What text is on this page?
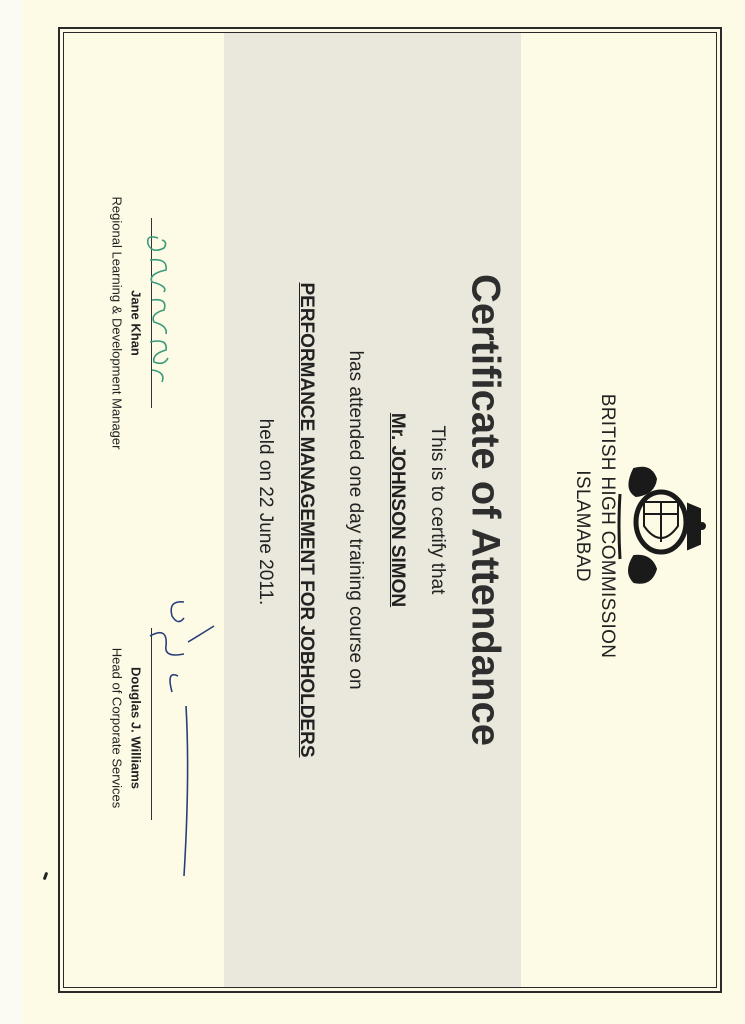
BRITISH HIGH COMMISSION
ISLAMABAD
Certificate of Attendance
This is to certify that
Mr. JOHNSON SIMON
has attended one day training course on
PERFORMANCE MANAGEMENT FOR JOBHOLDERS
held on 22 June 2011.
Jane Khan
Regional Learning & Development Manager
Douglas J. Williams
Head of Corporate Services
